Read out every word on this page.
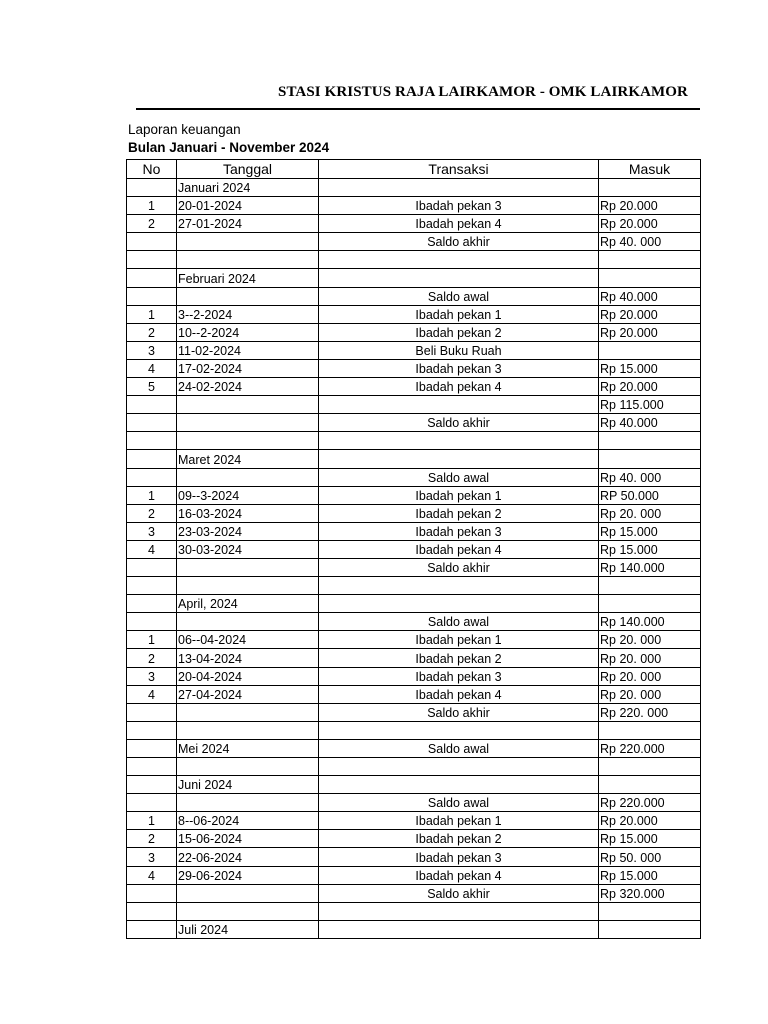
STASI KRISTUS RAJA LAIRKAMOR - OMK LAIRKAMOR
Laporan keuangan
Bulan Januari - November 2024
No	Tanggal	Transaksi	Masuk
	Januari 2024		
1	20-01-2024	Ibadah pekan 3	Rp 20.000
2	27-01-2024	Ibadah pekan 4	Rp 20.000
		Saldo akhir	Rp 40. 000

	Februari 2024		
		Saldo awal	Rp 40.000
1	3--2-2024	Ibadah pekan 1	Rp 20.000
2	10--2-2024	Ibadah pekan 2	Rp 20.000
3	11-02-2024	Beli Buku Ruah	
4	17-02-2024	Ibadah pekan 3	Rp 15.000
5	24-02-2024	Ibadah pekan 4	Rp 20.000
			Rp 115.000
		Saldo akhir	Rp 40.000

	Maret 2024		
		Saldo awal	Rp 40. 000
1	09--3-2024	Ibadah pekan 1	RP 50.000
2	16-03-2024	Ibadah pekan 2	Rp 20. 000
3	23-03-2024	Ibadah pekan 3	Rp 15.000
4	30-03-2024	Ibadah pekan 4	Rp 15.000
		Saldo akhir	Rp 140.000

	April, 2024		
		Saldo awal	Rp 140.000
1	06--04-2024	Ibadah pekan 1	Rp 20. 000
2	13-04-2024	Ibadah pekan 2	Rp 20. 000
3	20-04-2024	Ibadah pekan 3	Rp 20. 000
4	27-04-2024	Ibadah pekan 4	Rp 20. 000
		Saldo akhir	Rp 220. 000

	Mei 2024	Saldo awal	Rp 220.000

	Juni 2024		
		Saldo awal	Rp 220.000
1	8--06-2024	Ibadah pekan 1	Rp 20.000
2	15-06-2024	Ibadah pekan 2	Rp 15.000
3	22-06-2024	Ibadah pekan 3	Rp 50. 000
4	29-06-2024	Ibadah pekan 4	Rp 15.000
		Saldo akhir	Rp 320.000

	Juli 2024		
